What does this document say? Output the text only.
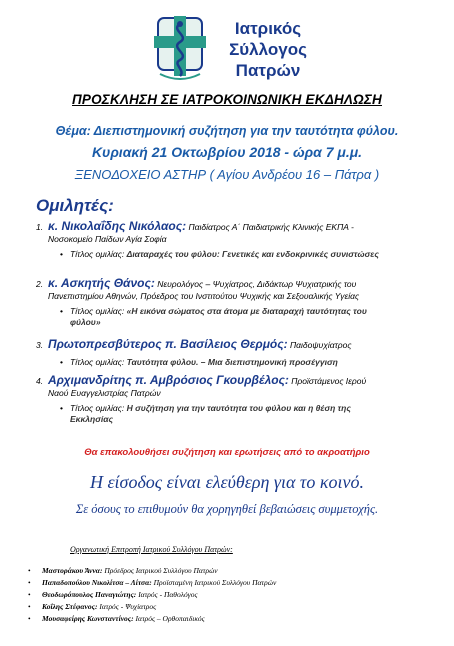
Ιατρικός
Σύλλογος
Πατρών
ΠΡΟΣΚΛΗΣΗ ΣΕ ΙΑΤΡΟΚΟΙΝΩΝΙΚΗ ΕΚΔΗΛΩΣΗ
Θέμα: Διεπιστημονική συζήτηση για την ταυτότητα φύλου.
Κυριακή 21 Οκτωβρίου 2018 - ώρα 7 μ.μ.
ΞΕΝΟΔΟΧΕΙΟ ΑΣΤΗΡ ( Αγίου Ανδρέου 16 – Πάτρα )
Ομιλητές:
1. κ. Νικολαΐδης Νικόλαος: Παιδίατρος Α΄ Παιδιατρικής Κλινικής ΕΚΠΑ -
Νοσοκομείο Παίδων Αγία Σοφία
• Τίτλος ομιλίας: Διαταραχές του φύλου: Γενετικές και ενδοκρινικές συνιστώσες
2. κ. Ασκητής Θάνος: Νευρολόγος – Ψυχίατρος, Διδάκτωρ Ψυχιατρικής του
Πανεπιστημίου Αθηνών, Πρόεδρος του Ινστιτούτου Ψυχικής και Σεξουαλικής Υγείας
• Τίτλος ομιλίας: «Η εικόνα σώματος στα άτομα με διαταραχή ταυτότητας του
φύλου»
3. Πρωτοπρεσβύτερος π. Βασίλειος Θερμός: Παιδοψυχίατρος
• Τίτλος ομιλίας: Ταυτότητα φύλου. – Μια διεπιστημονική προσέγγιση
4. Αρχιμανδρίτης π. Αμβρόσιος Γκουρβέλος: Προϊστάμενος Ιερού
Ναού Ευαγγελιστρίας Πατρών
• Τίτλος ομιλίας: Η συζήτηση για την ταυτότητα του φύλου και η θέση της
Εκκλησίας
Θα επακολουθήσει συζήτηση και ερωτήσεις από το ακροατήριο
Η είσοδος είναι ελεύθερη για το κοινό.
Σε όσους το επιθυμούν θα χορηγηθεί βεβαιώσεις συμμετοχής.
Οργανωτική Επιτροπή Ιατρικού Συλλόγου Πατρών:
• Μαστοράκου Άννα: Πρόεδρος Ιατρικού Συλλόγου Πατρών
• Παπαδοπούλου Νικολίτσα – Λίτσα: Προϊσταμένη Ιατρικού Συλλόγου Πατρών
• Θεοδωρόπουλος Παναγιώτης: Ιατρός - Παθολόγος
• Κοΐλης Στέφανος: Ιατρός - Ψυχίατρος
• Μουσαφείρης Κωνσταντίνος: Ιατρός – Ορθοπαιδικός
